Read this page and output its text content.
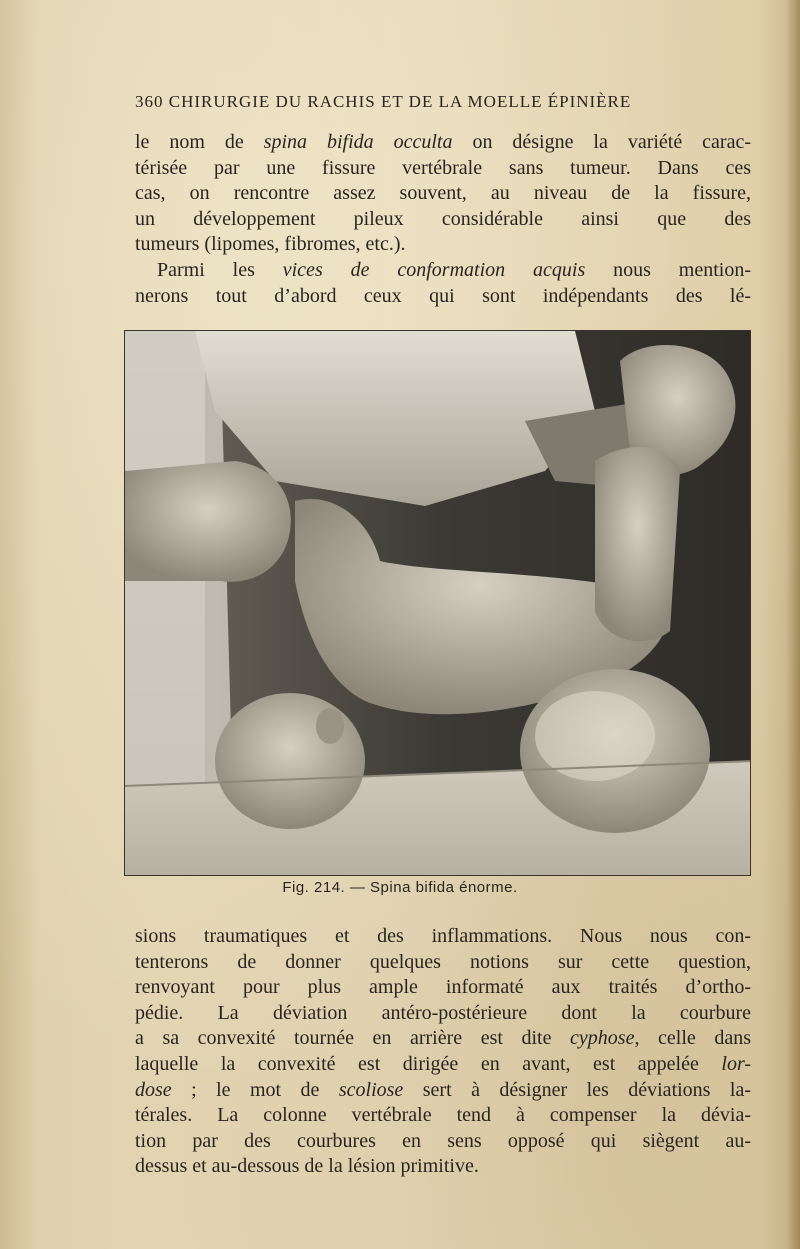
360 CHIRURGIE DU RACHIS ET DE LA MOELLE ÉPINIÈRE
le nom de spina bifida occulta on désigne la variété carac-
térisée par une fissure vertébrale sans tumeur. Dans ces
cas, on rencontre assez souvent, au niveau de la fissure,
un développement pileux considérable ainsi que des
tumeurs (lipomes, fibromes, etc.).
Parmi les vices de conformation acquis nous mention-
nerons tout d’abord ceux qui sont indépendants des lé-
Fig. 214. — Spina bifida énorme.
sions traumatiques et des inflammations. Nous nous con-
tenterons de donner quelques notions sur cette question,
renvoyant pour plus ample informaté aux traités d’ortho-
pédie. La déviation antéro-postérieure dont la courbure
a sa convexité tournée en arrière est dite cyphose, celle dans
laquelle la convexité est dirigée en avant, est appelée lor-
dose ; le mot de scoliose sert à désigner les déviations la-
térales. La colonne vertébrale tend à compenser la dévia-
tion par des courbures en sens opposé qui siègent au-
dessus et au-dessous de la lésion primitive.
